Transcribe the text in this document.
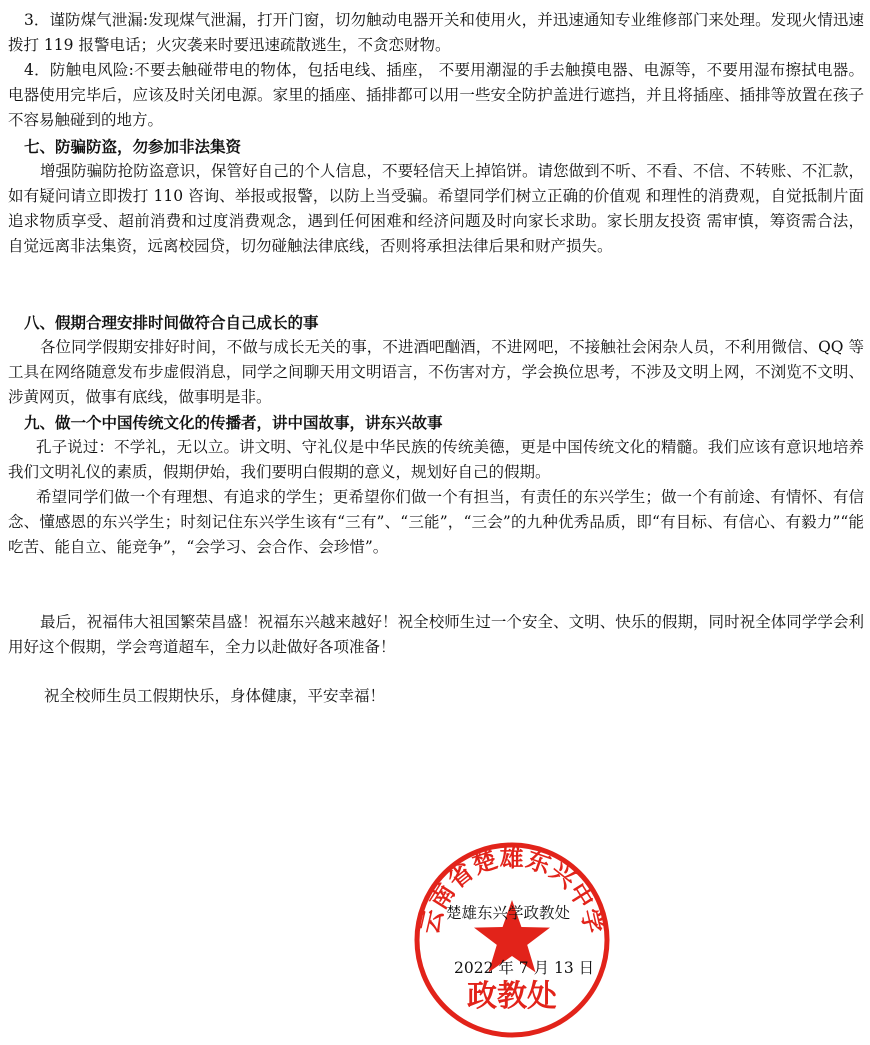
3．谨防煤气泄漏:发现煤气泄漏，打开门窗，切勿触动电器开关和使用火，并迅速通知专业维修部门来处理。发现火情迅速拨打 119 报警电话；火灾袭来时要迅速疏散逃生，不贪恋财物。

4．防触电风险:不要去触碰带电的物体，包括电线、插座， 不要用潮湿的手去触摸电器、电源等，不要用湿布擦拭电器。电器使用完毕后，应该及时关闭电源。家里的插座、插排都可以用一些安全防护盖进行遮挡，并且将插座、插排等放置在孩子不容易触碰到的地方。

七、防骗防盗，勿参加非法集资

增强防骗防抢防盗意识，保管好自己的个人信息，不要轻信天上掉馅饼。请您做到不听、不看、不信、不转账、不汇款，如有疑问请立即拨打 110 咨询、举报或报警，以防上当受骗。希望同学们树立正确的价值观 和理性的消费观，自觉抵制片面追求物质享受、超前消费和过度消费观念，遇到任何困难和经济问题及时向家长求助。家长朋友投资 需审慎，筹资需合法，自觉远离非法集资，远离校园贷，切勿碰触法律底线，否则将承担法律后果和财产损失。

八、假期合理安排时间做符合自己成长的事

各位同学假期安排好时间，不做与成长无关的事，不进酒吧酗酒，不进网吧，不接触社会闲杂人员，不利用微信、QQ 等工具在网络随意发布步虚假消息，同学之间聊天用文明语言，不伤害对方，学会换位思考，不涉及文明上网，不浏览不文明、涉黄网页，做事有底线，做事明是非。

九、做一个中国传统文化的传播者，讲中国故事，讲东兴故事

孔子说过：不学礼，无以立。讲文明、守礼仪是中华民族的传统美德，更是中国传统文化的精髓。我们应该有意识地培养我们文明礼仪的素质，假期伊始，我们要明白假期的意义，规划好自己的假期。

希望同学们做一个有理想、有追求的学生；更希望你们做一个有担当，有责任的东兴学生；做一个有前途、有情怀、有信念、懂感恩的东兴学生；时刻记住东兴学生该有“三有”、“三能”，“三会”的九种优秀品质，即“有目标、有信心、有毅力”“能吃苦、能自立、能竞争”，“会学习、会合作、会珍惜”。

最后，祝福伟大祖国繁荣昌盛！祝福东兴越来越好！祝全校师生过一个安全、文明、快乐的假期，同时祝全体同学学会利用好这个假期，学会弯道超车，全力以赴做好各项准备！

祝全校师生员工假期快乐，身体健康，平安幸福！

云南省楚雄东兴中学
政教处
楚雄东兴学政教处
2022 年 7 月 13 日
